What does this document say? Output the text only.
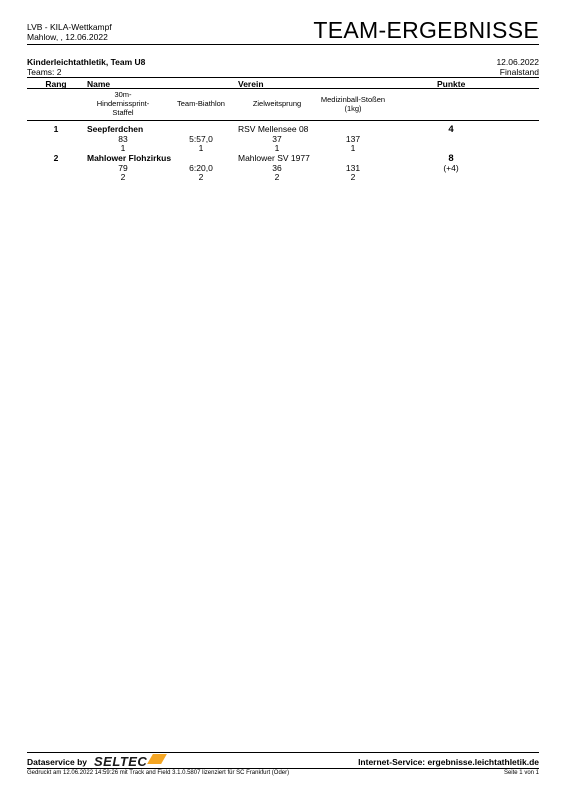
LVB - KILA-Wettkampf
Mahlow, , 12.06.2022	TEAM-ERGEBNISSE
Kinderleichtathletik, Team U8
Teams: 2
12.06.2022
Finalstand
Rang Name	Verein	Punkte
30m-
Hindernissprint-
Staffel
Team-Biathlon	Zielweitsprung	Medizinball-Stoßen
(1kg)
1	Seepferdchen	RSV Mellensee 08	4
83	5:57,0	37	137
1	1	1	1
2	Mahlower Flohzirkus	Mahlower SV 1977	8
(+4)
79	6:20,0	36	131
2	2	2	2
Dataservice by SELTEC	Internet-Service: ergebnisse.leichtathletik.de
Gedruckt am 12.06.2022 14:59:26 mit Track and Field 3.1.0.5807 lizenziert für SC Frankfurt (Oder)	Seite 1 von 1
